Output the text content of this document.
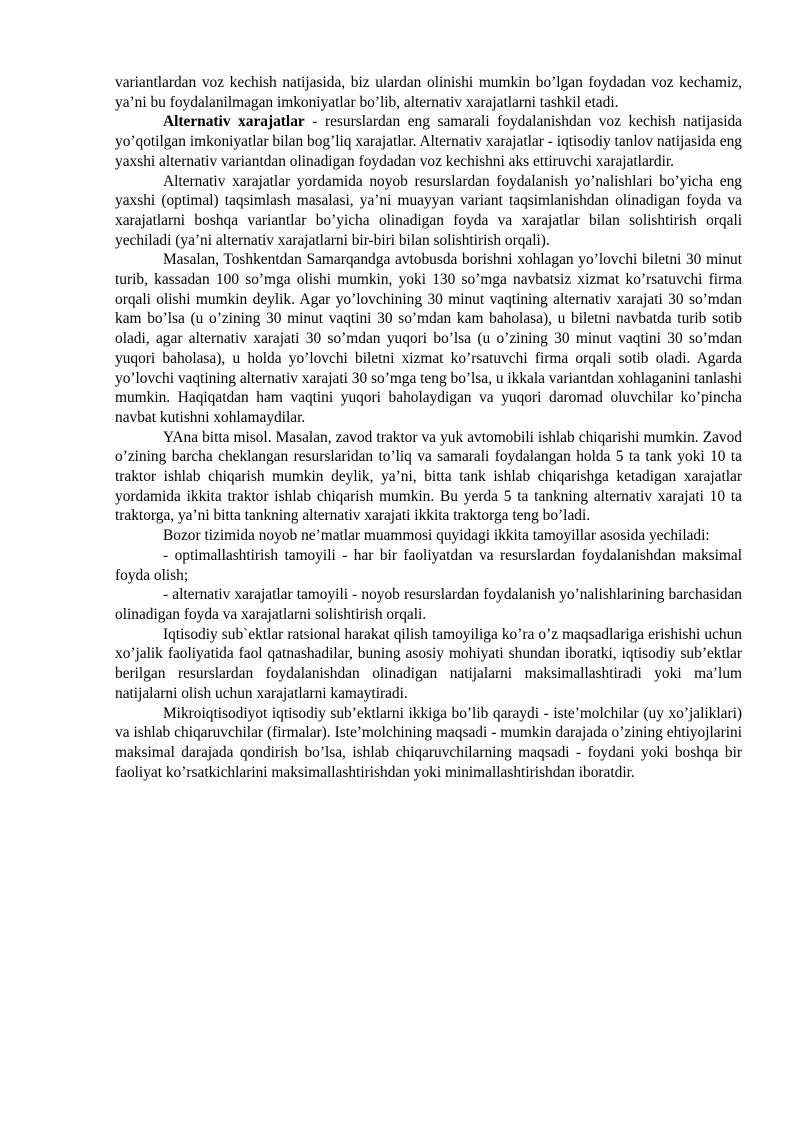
variantlardan voz kechish natijasida, biz ulardan olinishi mumkin bo’lgan foydadan voz kechamiz, ya’ni bu foydalanilmagan imkoniyatlar bo’lib, alternativ xarajatlarni tashkil etadi.

Alternativ xarajatlar - resurslardan eng samarali foydalanishdan voz kechish natijasida yo’qotilgan imkoniyatlar bilan bog’liq xarajatlar. Alternativ xarajatlar - iqtisodiy tanlov natijasida eng yaxshi alternativ variantdan olinadigan foydadan voz kechishni aks ettiruvchi xarajatlardir.

Alternativ xarajatlar yordamida noyob resurslardan foydalanish yo’nalishlari bo’yicha eng yaxshi (optimal) taqsimlash masalasi, ya’ni muayyan variant taqsimlanishdan olinadigan foyda va xarajatlarni boshqa variantlar bo’yicha olinadigan foyda va xarajatlar bilan solishtirish orqali yechiladi (ya’ni alternativ xarajatlarni bir-biri bilan solishtirish orqali).

Masalan, Toshkentdan Samarqandga avtobusda borishni xohlagan yo’lovchi biletni 30 minut turib, kassadan 100 so’mga olishi mumkin, yoki 130 so’mga navbatsiz xizmat ko’rsatuvchi firma orqali olishi mumkin deylik. Agar yo’lovchining 30 minut vaqtining alternativ xarajati 30 so’mdan kam bo’lsa (u o’zining 30 minut vaqtini 30 so’mdan kam baholasa), u biletni navbatda turib sotib oladi, agar alternativ xarajati 30 so’mdan yuqori bo’lsa (u o’zining 30 minut vaqtini 30 so’mdan yuqori baholasa), u holda yo’lovchi biletni xizmat ko’rsatuvchi firma orqali sotib oladi. Agarda yo’lovchi vaqtining alternativ xarajati 30 so’mga teng bo’lsa, u ikkala variantdan xohlaganini tanlashi mumkin. Haqiqatdan ham vaqtini yuqori baholaydigan va yuqori daromad oluvchilar ko’pincha navbat kutishni xohlamaydilar.

YAna bitta misol. Masalan, zavod traktor va yuk avtomobili ishlab chiqarishi mumkin. Zavod o’zining barcha cheklangan resurslaridan to’liq va samarali foydalangan holda 5 ta tank yoki 10 ta traktor ishlab chiqarish mumkin deylik, ya’ni, bitta tank ishlab chiqarishga ketadigan xarajatlar yordamida ikkita traktor ishlab chiqarish mumkin. Bu yerda 5 ta tankning alternativ xarajati 10 ta traktorga, ya’ni bitta tankning alternativ xarajati ikkita traktorga teng bo’ladi.

Bozor tizimida noyob ne’matlar muammosi quyidagi ikkita tamoyillar asosida yechiladi:

- optimallashtirish tamoyili - har bir faoliyatdan va resurslardan foydalanishdan maksimal foyda olish;

- alternativ xarajatlar tamoyili - noyob resurslardan foydalanish yo’nalishlarining barchasidan olinadigan foyda va xarajatlarni solishtirish orqali.

Iqtisodiy sub`ektlar ratsional harakat qilish tamoyiliga ko’ra o’z maqsadlariga erishishi uchun xo’jalik faoliyatida faol qatnashadilar, buning asosiy mohiyati shundan iboratki, iqtisodiy sub’ektlar berilgan resurslardan foydalanishdan olinadigan natijalarni maksimallashtiradi yoki ma’lum natijalarni olish uchun xarajatlarni kamaytiradi.

Mikroiqtisodiyot iqtisodiy sub’ektlarni ikkiga bo’lib qaraydi - iste’molchilar (uy xo’jaliklari) va ishlab chiqaruvchilar (firmalar). Iste’molchining maqsadi - mumkin darajada o’zining ehtiyojlarini maksimal darajada qondirish bo’lsa, ishlab chiqaruvchilarning maqsadi - foydani yoki boshqa bir faoliyat ko’rsatkichlarini maksimallashtirishdan yoki minimallashtirishdan iboratdir.
